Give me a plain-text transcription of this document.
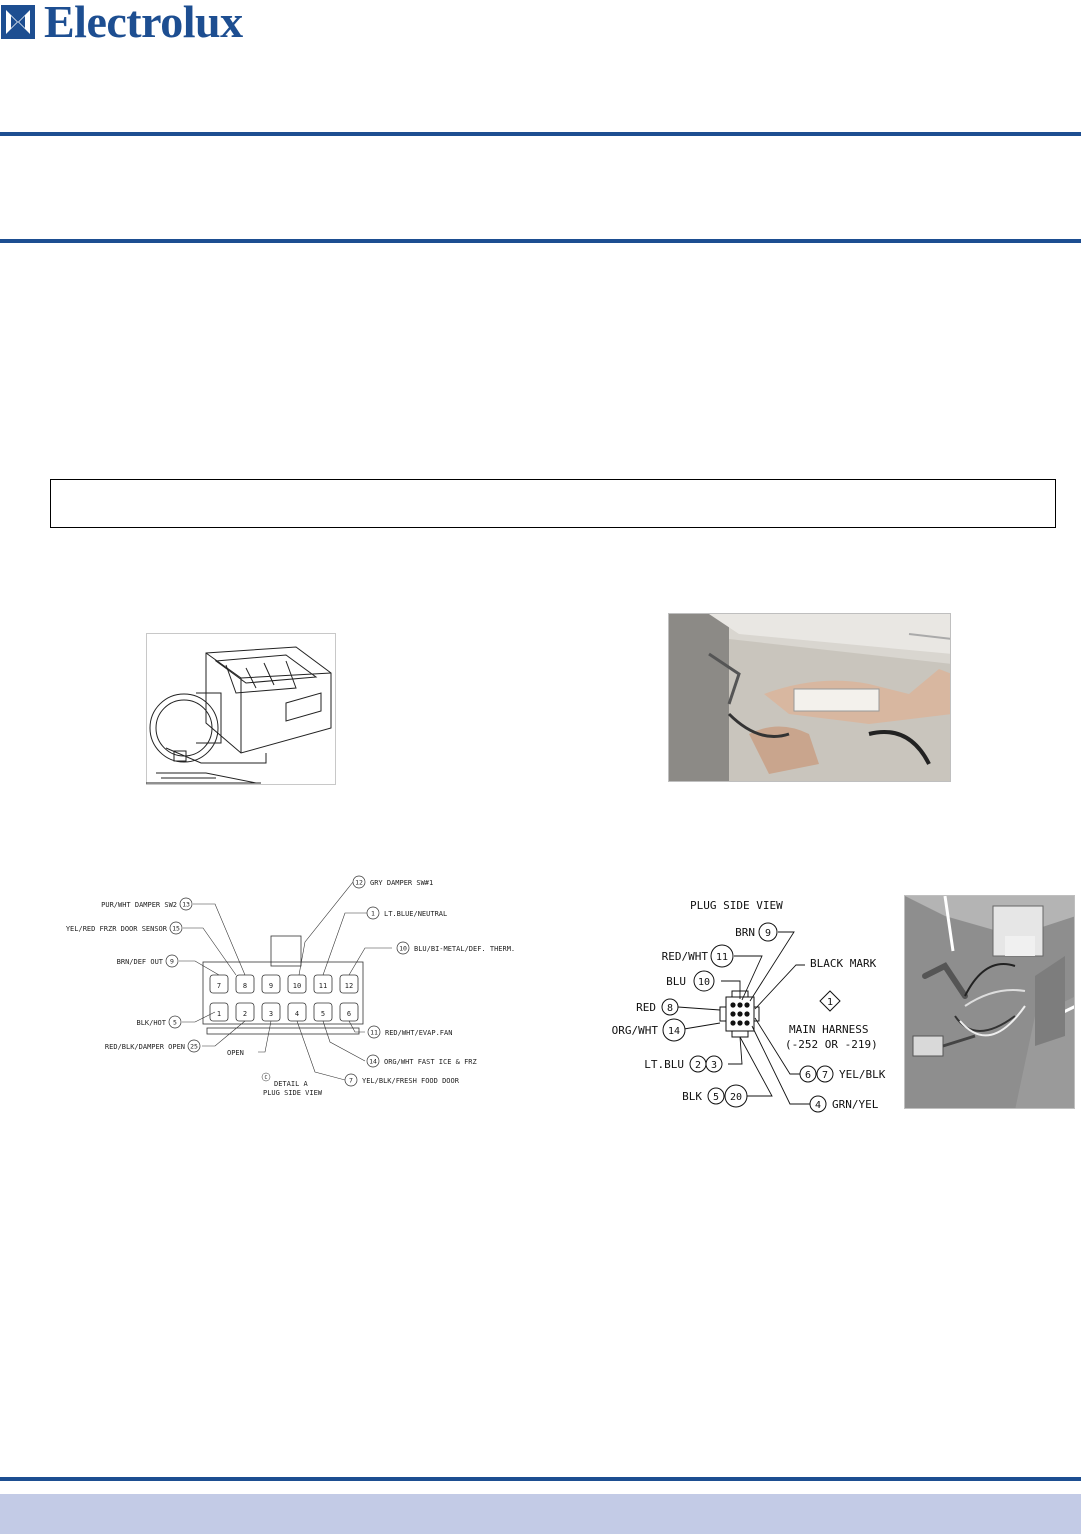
Electrolux
7	8	9	10	11	12
1	2	3	4	5	6
12
13
1
15
10
9
5
11
25
14
7
GRY DAMPER SW#1
PUR/WHT DAMPER SW2
LT.BLUE/NEUTRAL
YEL/RED FRZR DOOR SENSOR
BLU/BI-METAL/DEF. THERM.
BRN/DEF OUT
BLK/HOT
RED/WHT/EVAP.FAN
RED/BLK/DAMPER OPEN
OPEN
ORG/WHT FAST ICE & FRZ
YEL/BLK/FRESH FOOD DOOR
C
DETAIL A
PLUG SIDE VIEW
PLUG SIDE VIEW
9
11
10
8
14
2 3
5 20
6 7
4
1
BRN
RED/WHT
BLU
RED
ORG/WHT
LT.BLU
BLK
BLACK MARK
MAIN HARNESS
(-252 OR -219)
YEL/BLK
GRN/YEL
